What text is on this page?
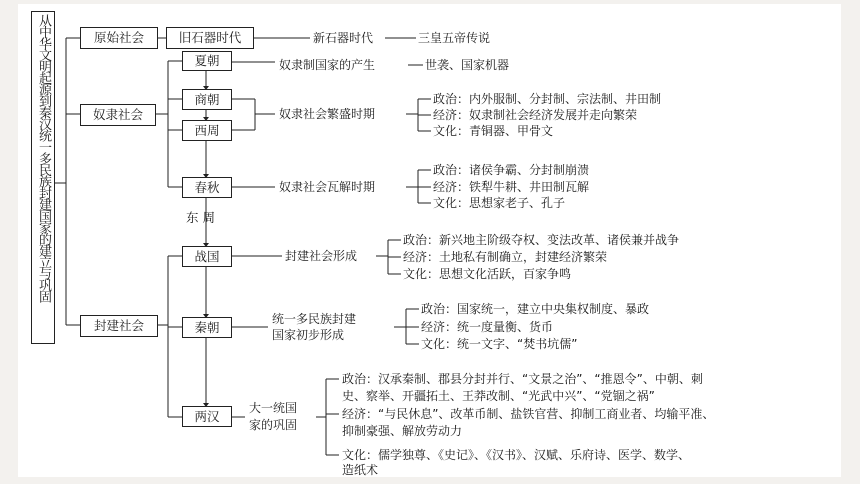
从中华文明起源到秦汉统一多民族封建国家的建立与巩固	原始社会	旧石器时代	新石器时代	三皇五帝传说
奴隶社会
夏朝	奴隶制国家的产生	世袭、国家机器
商朝
西周
奴隶社会繁盛时期
政治：内外服制、分封制、宗法制、井田制
经济：奴隶制社会经济发展并走向繁荣
文化：青铜器、甲骨文
春秋	奴隶社会瓦解时期
政治：诸侯争霸、分封制崩溃
经济：铁犁牛耕、井田制瓦解
文化：思想家老子、孔子
东 周
封建社会
战国	封建社会形成
政治：新兴地主阶级夺权、变法改革、诸侯兼并战争
经济：土地私有制确立，封建经济繁荣
文化：思想文化活跃，百家争鸣
秦朝
统一多民族封建
国家初步形成
政治：国家统一，建立中央集权制度、暴政
经济：统一度量衡、货币
文化：统一文字、“焚书坑儒”
两汉
大一统国
家的巩固
政治：汉承秦制、郡县分封并行、“文景之治”、“推恩令”、中朝、刺
史、察举、开疆拓土、王莽改制、“光武中兴”、“党锢之祸”
经济：“与民休息”、改革币制、盐铁官营、抑制工商业者、均输平准、
抑制豪强、解放劳动力
文化：儒学独尊、《史记》、《汉书》、汉赋、乐府诗、医学、数学、
造纸术
